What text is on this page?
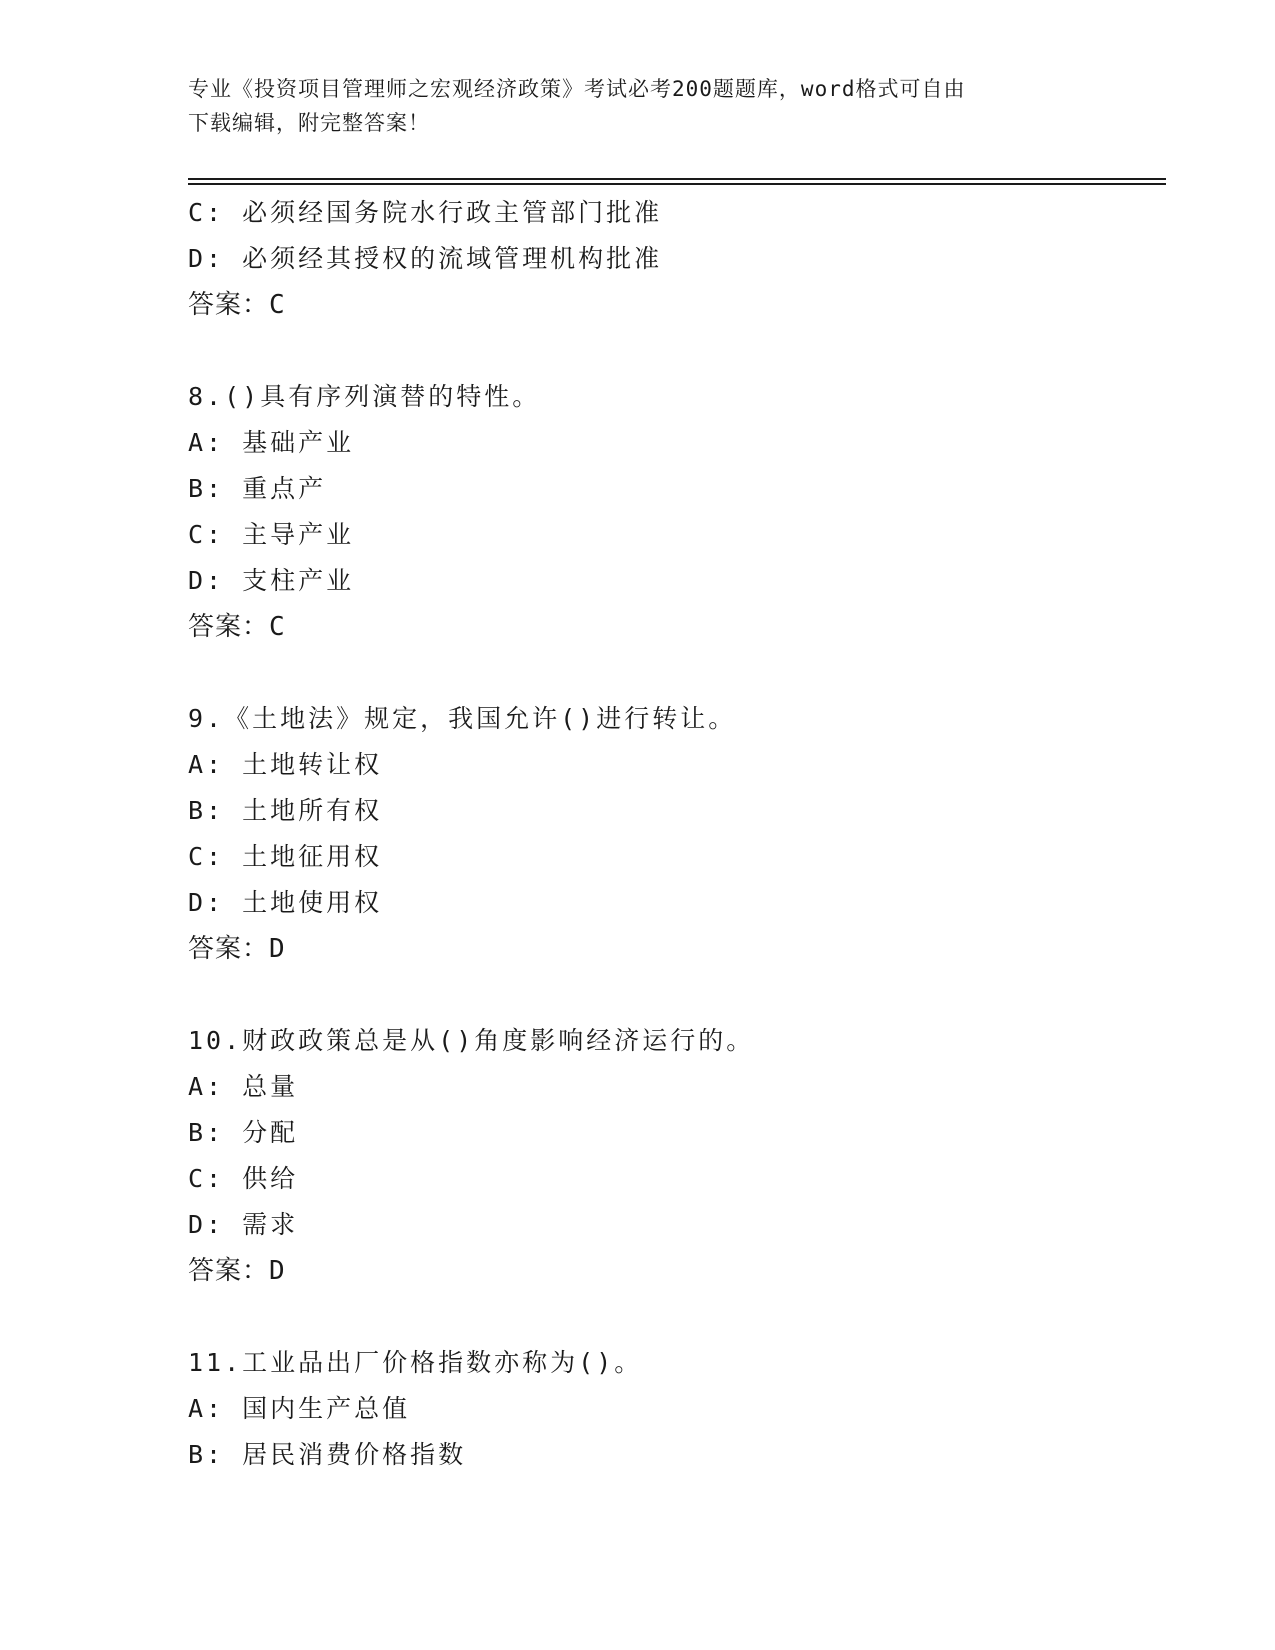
专业《投资项目管理师之宏观经济政策》考试必考200题题库，word格式可自由
下载编辑，附完整答案！
C: 必须经国务院水行政主管部门批准
D: 必须经其授权的流域管理机构批准
答案：C
8.()具有序列演替的特性。
A: 基础产业
B: 重点产
C: 主导产业
D: 支柱产业
答案：C
9.《土地法》规定，我国允许()进行转让。
A: 土地转让权
B: 土地所有权
C: 土地征用权
D: 土地使用权
答案：D
10.财政政策总是从()角度影响经济运行的。
A: 总量
B: 分配
C: 供给
D: 需求
答案：D
11.工业品出厂价格指数亦称为()。
A: 国内生产总值
B: 居民消费价格指数
